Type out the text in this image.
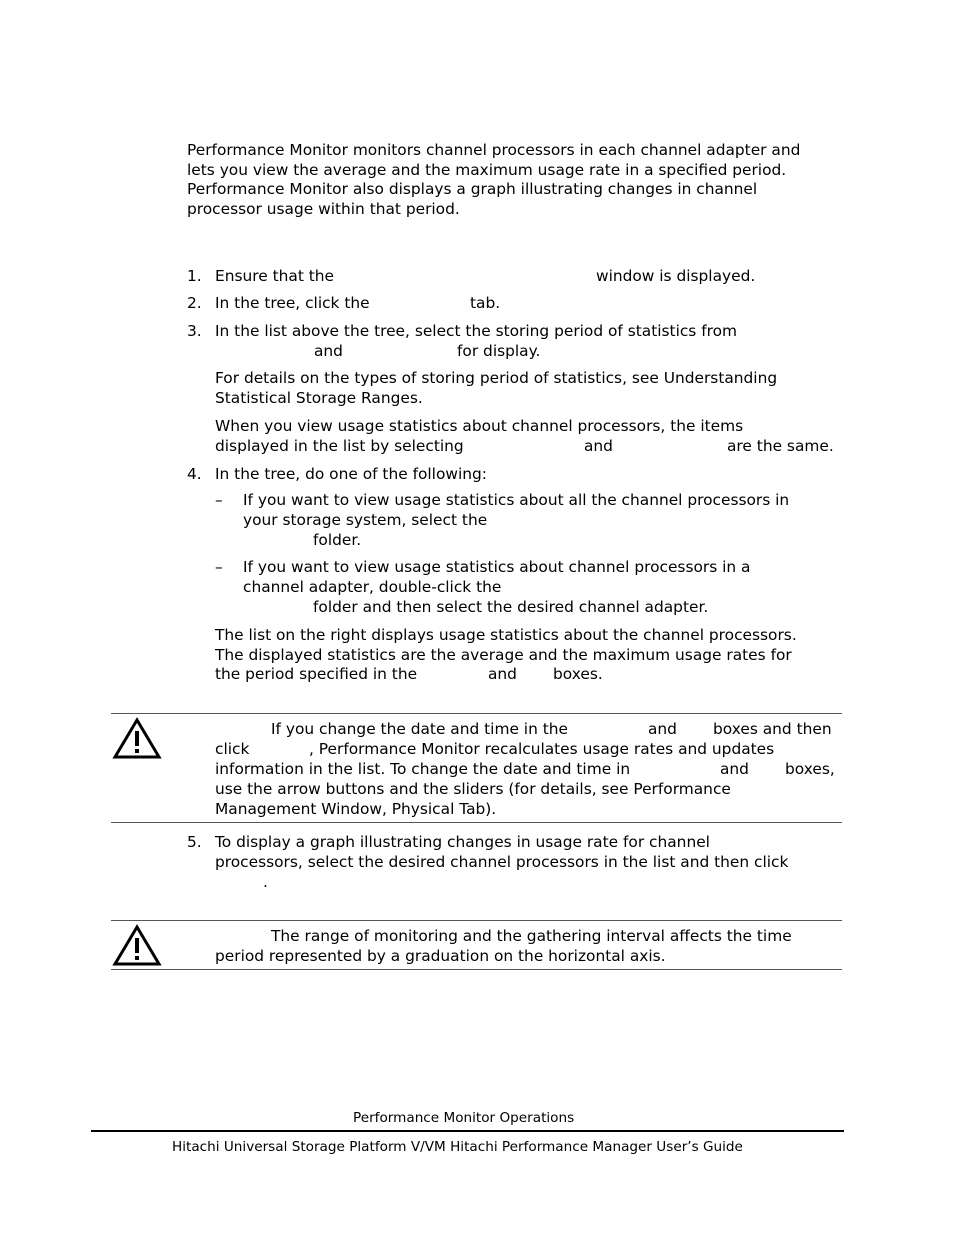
Performance Monitor monitors channel processors in each channel adapter and
lets you view the average and the maximum usage rate in a specified period.
Performance Monitor also displays a graph illustrating changes in channel
processor usage within that period.
1. Ensure that the	window is displayed.
2. In the tree, click the	tab.
3. In the list above the tree, select the storing period of statistics from
and	for display.
For details on the types of storing period of statistics, see Understanding
Statistical Storage Ranges.
When you view usage statistics about channel processors, the items
displayed in the list by selecting	and	are the same.
4. In the tree, do one of the following:
– If you want to view usage statistics about all the channel processors in
your storage system, select the
folder.
– If you want to view usage statistics about channel processors in a
channel adapter, double-click the
folder and then select the desired channel adapter.
The list on the right displays usage statistics about the channel processors.
The displayed statistics are the average and the maximum usage rates for
the period specified in the	and boxes.
If you change the date and time in the	and boxes and then
click	, Performance Monitor recalculates usage rates and updates
information in the list. To change the date and time in	and boxes,
use the arrow buttons and the sliders (for details, see Performance
Management Window, Physical Tab).
5. To display a graph illustrating changes in usage rate for channel
processors, select the desired channel processors in the list and then click
.
The range of monitoring and the gathering interval affects the time
period represented by a graduation on the horizontal axis.
Performance Monitor Operations
Hitachi Universal Storage Platform V/VM Hitachi Performance Manager User’s Guide
